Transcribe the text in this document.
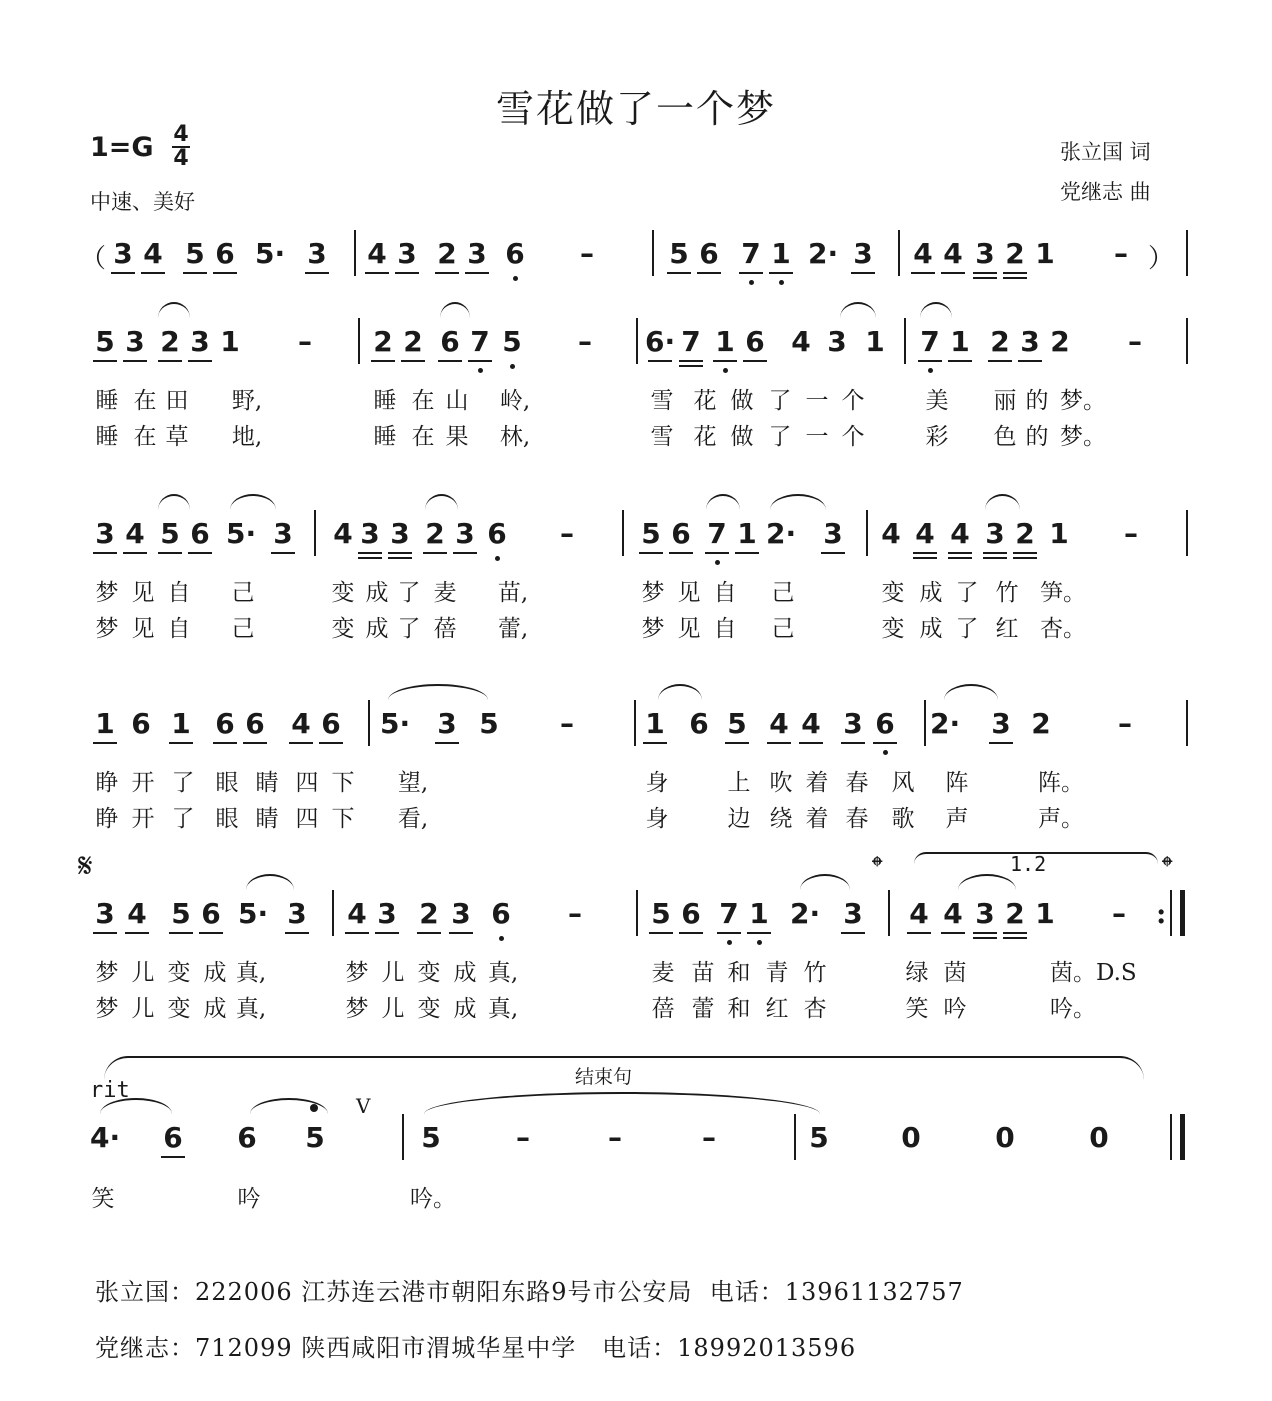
雪花做了一个梦
1=G 4
4
中速、美好
张立国 词
党继志 曲
（	）
3 4 5 6 5· 3 4 3 2 3 6 –	5 6 7 1 2· 3 4 4 3 2 1 –
5 3 2 3 1 – 2 2 6 7 5 – 6· 7 1 6 4 3 1 7 1 2 3 2 –
睡 在 田 野,	睡 在 山 岭,	雪 花 做 了 一 个	美 丽 的 梦。
睡 在 草 地,	睡 在 果 林,	雪 花 做 了 一 个	彩 色 的 梦。
3 4 5 6 5· 3 4 3 3 2 3 6 – 5 6 7 1 2· 3 4 4 4 3 2 1 –
梦 见 自 己	变 成 了 麦 苗,	梦 见 自 己	变 成 了 竹 笋。
梦 见 自 己	变 成 了 蓓 蕾,	梦 见 自 己	变 成 了 红 杏。
1 6 1 6 6 4 6 5· 3 5 –	1 6 5 4 4 3 6 2· 3 2 –
睁 开 了 眼 睛 四 下 望,	身	上 吹 着 春 风 阵	阵。
睁 开 了 眼 睛 四 下 看,	身	边 绕 着 春 歌 声	声。
3 4 5 6 5· 3 4 3 2 3 6 – 5 6 7 1 2· 3 4 4 3 2 1 – :
梦 儿 变 成 真,	梦 儿 变 成 真,	麦 苗 和 青 竹	绿 茵	茵。D.S
梦 儿 变 成 真,	梦 儿 变 成 真,	蓓 蕾 和 红 杏	笑 吟	吟。
4· 6 6 5	5	–	–	–	5	0	0	0
笑	吟	吟。
𝄋	𝄌	𝄌
1.2
结束句
rit
V
张立国：222006 江苏连云港市朝阳东路9号市公安局  电话：13961132757
党继志：712099 陕西咸阳市渭城华星中学   电话：18992013596
